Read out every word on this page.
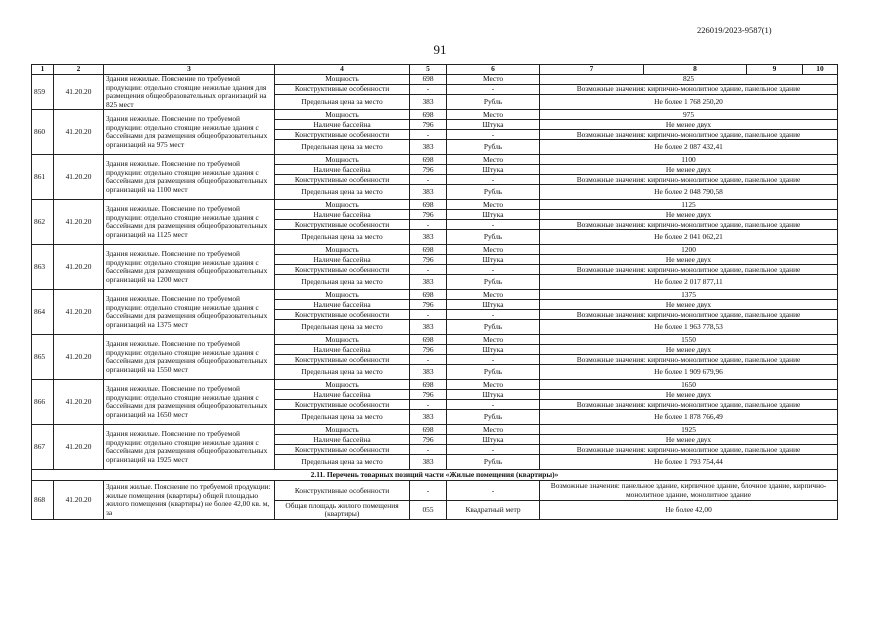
226019/2023-9587(1)
91
1	2	3	4	5	6	7	8	9	10
859	41.20.20	Здания нежилые. Пояснение по требуемой продукции: отдельно стоящие нежилые здания для размещения общеобразовательных организаций на 825 мест	Мощность	698	Место	825			
			Конструктивные особенности	-	-	Возможные значения: кирпично-монолитное здание, панельное здание			
			Предельная цена за место	383	Рубль	Не более 1 768 250,20			
860	41.20.20	Здания нежилые. Пояснение по требуемой продукции: отдельно стоящие нежилые здания с бассейнами для размещения общеобразовательных организаций на 975 мест	Мощность	698	Место	975			
			Наличие бассейна	796	Штука	Не менее двух			
			Конструктивные особенности	-	-	Возможные значения: кирпично-монолитное здание, панельное здание			
			Предельная цена за место	383	Рубль	Не более 2 087 432,41			
861	41.20.20	Здания нежилые. Пояснение по требуемой продукции: отдельно стоящие нежилые здания с бассейнами для размещения общеобразовательных организаций на 1100 мест	Мощность	698	Место	1100			
			Наличие бассейна	796	Штука	Не менее двух			
			Конструктивные особенности	-	-	Возможные значения: кирпично-монолитное здание, панельное здание			
			Предельная цена за место	383	Рубль	Не более 2 048 790,58			
862	41.20.20	Здания нежилые. Пояснение по требуемой продукции: отдельно стоящие нежилые здания с бассейнами для размещения общеобразовательных организаций на 1125 мест	Мощность	698	Место	1125			
			Наличие бассейна	796	Штука	Не менее двух			
			Конструктивные особенности	-	-	Возможные значения: кирпично-монолитное здание, панельное здание			
			Предельная цена за место	383	Рубль	Не более 2 041 062,21			
863	41.20.20	Здания нежилые. Пояснение по требуемой продукции: отдельно стоящие нежилые здания с бассейнами для размещения общеобразовательных организаций на 1200 мест	Мощность	698	Место	1200			
			Наличие бассейна	796	Штука	Не менее двух			
			Конструктивные особенности	-	-	Возможные значения: кирпично-монолитное здание, панельное здание			
			Предельная цена за место	383	Рубль	Не более 2 017 877,11			
864	41.20.20	Здания нежилые. Пояснение по требуемой продукции: отдельно стоящие нежилые здания с бассейнами для размещения общеобразовательных организаций на 1375 мест	Мощность	698	Место	1375			
			Наличие бассейна	796	Штука	Не менее двух			
			Конструктивные особенности	-	-	Возможные значения: кирпично-монолитное здание, панельное здание			
			Предельная цена за место	383	Рубль	Не более 1 963 778,53			
865	41.20.20	Здания нежилые. Пояснение по требуемой продукции: отдельно стоящие нежилые здания с бассейнами для размещения общеобразовательных организаций на 1550 мест	Мощность	698	Место	1550			
			Наличие бассейна	796	Штука	Не менее двух			
			Конструктивные особенности	-	-	Возможные значения: кирпично-монолитное здание, панельное здание			
			Предельная цена за место	383	Рубль	Не более 1 909 679,96			
866	41.20.20	Здания нежилые. Пояснение по требуемой продукции: отдельно стоящие нежилые здания с бассейнами для размещения общеобразовательных организаций на 1650 мест	Мощность	698	Место	1650			
			Наличие бассейна	796	Штука	Не менее двух			
			Конструктивные особенности	-	-	Возможные значения: кирпично-монолитное здание, панельное здание			
			Предельная цена за место	383	Рубль	Не более 1 878 766,49			
867	41.20.20	Здания нежилые. Пояснение по требуемой продукции: отдельно стоящие нежилые здания с бассейнами для размещения общеобразовательных организаций на 1925 мест	Мощность	698	Место	1925			
			Наличие бассейна	796	Штука	Не менее двух			
			Конструктивные особенности	-	-	Возможные значения: кирпично-монолитное здание, панельное здание			
			Предельная цена за место	383	Рубль	Не более 1 793 754,44			
2.11. Перечень товарных позиций части «Жилые помещения (квартиры)»									
868	41.20.20	Здания жилые. Пояснение по требуемой продукции: жилые помещения (квартиры) общей площадью жилого помещения (квартиры) не более 42,00 кв. м, за	Конструктивные особенности	-	-	Возможные значения: панельное здание, кирпичное здание, блочное здание, кирпично-монолитное здание, монолитное здание			
			Общая площадь жилого помещения (квартиры)	055	Квадратный метр	Не более 42,00			
